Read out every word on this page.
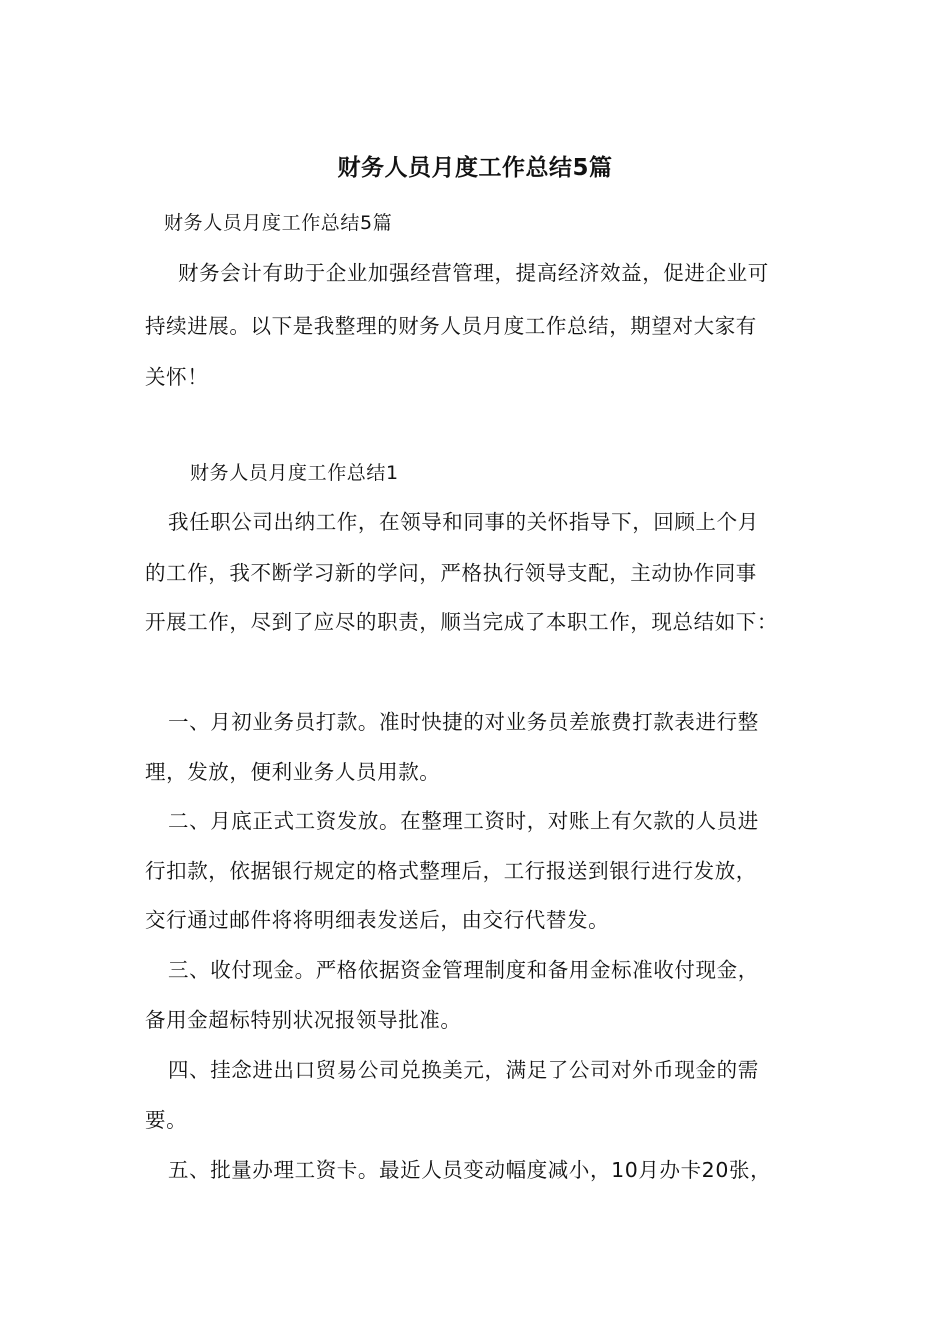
财务人员月度工作总结5篇
财务人员月度工作总结5篇
财务会计有助于企业加强经营管理，提高经济效益，促进企业可
持续进展。以下是我整理的财务人员月度工作总结，期望对大家有
关怀！
财务人员月度工作总结1
我任职公司出纳工作，在领导和同事的关怀指导下，回顾上个月
的工作，我不断学习新的学问，严格执行领导支配，主动协作同事
开展工作，尽到了应尽的职责，顺当完成了本职工作，现总结如下：
一、月初业务员打款。准时快捷的对业务员差旅费打款表进行整
理，发放，便利业务人员用款。
二、月底正式工资发放。在整理工资时，对账上有欠款的人员进
行扣款，依据银行规定的格式整理后，工行报送到银行进行发放，
交行通过邮件将将明细表发送后，由交行代替发。
三、收付现金。严格依据资金管理制度和备用金标准收付现金，
备用金超标特别状况报领导批准。
四、挂念进出口贸易公司兑换美元，满足了公司对外币现金的需
要。
五、批量办理工资卡。最近人员变动幅度减小，10月办卡20张，
